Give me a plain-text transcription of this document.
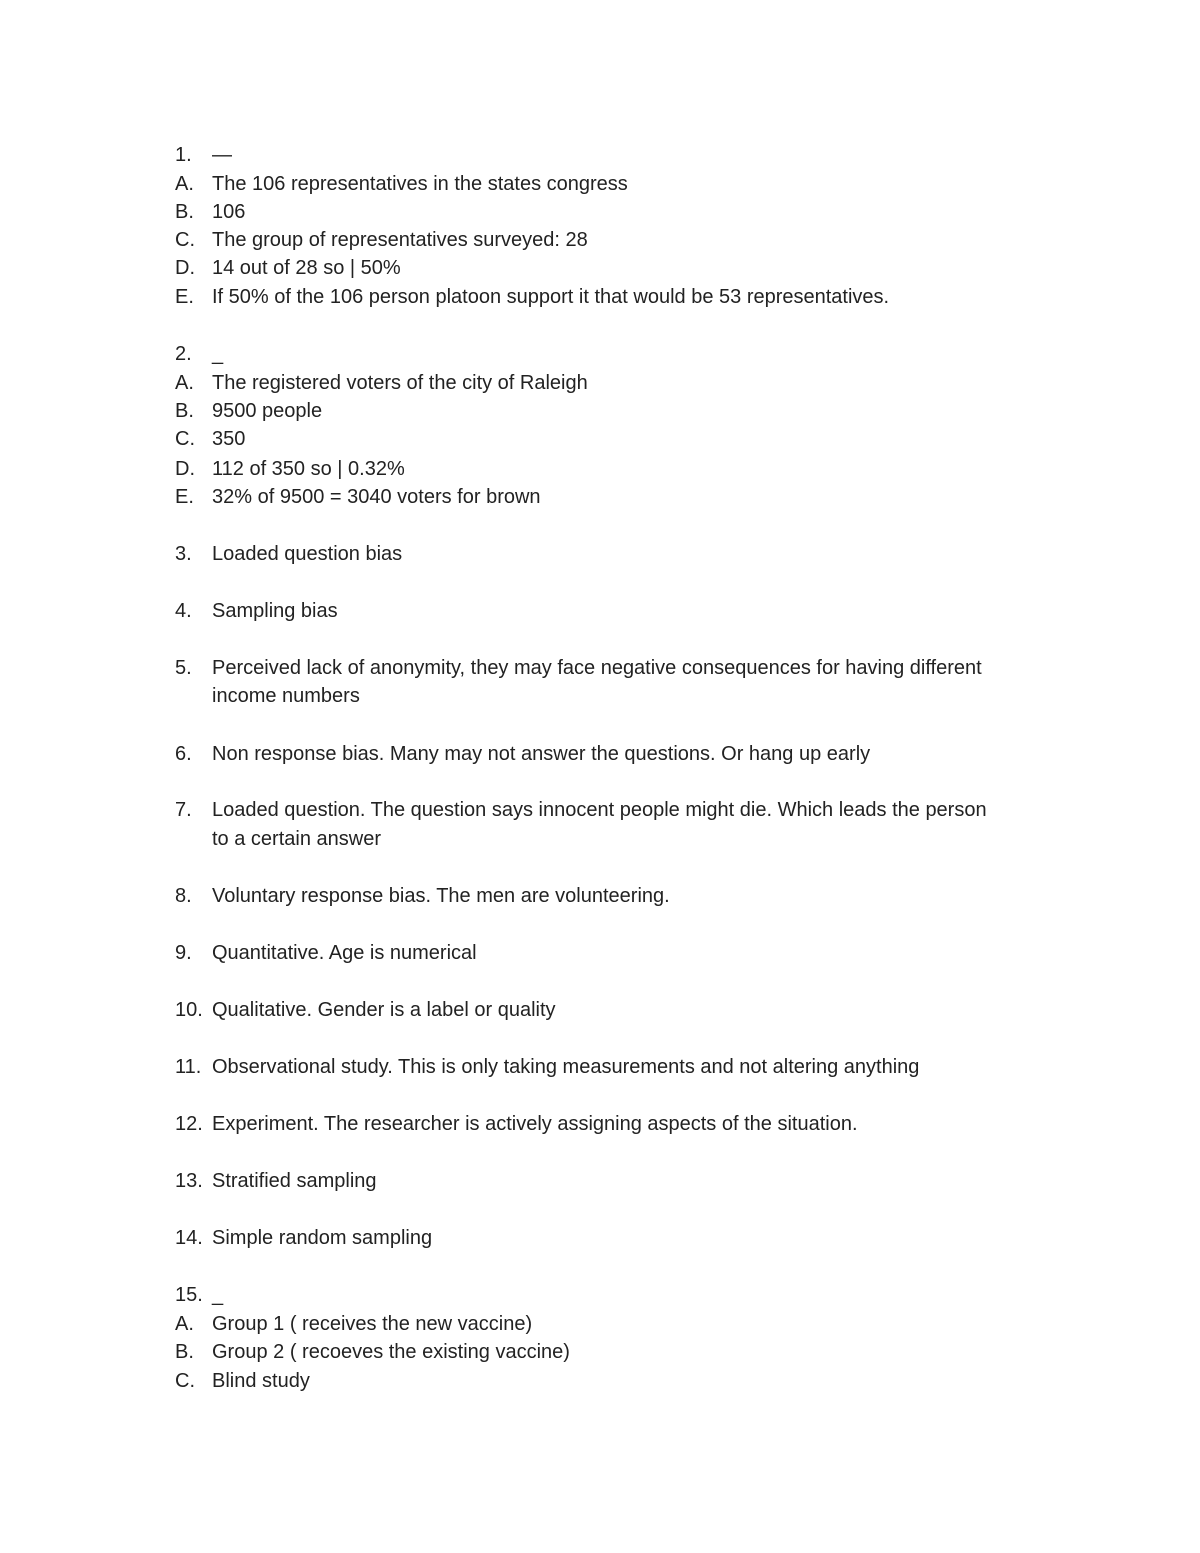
1. —
A. The 106 representatives in the states congress
B. 106
C. The group of representatives surveyed: 28
D. 14 out of 28 so | 50%
E. If 50% of the 106 person platoon support it that would be 53 representatives.
2. _
A. The registered voters of the city of Raleigh
B. 9500 people
C. 350
D. 112 of 350 so | 0.32%
E. 32% of 9500 = 3040 voters for brown
3. Loaded question bias
4. Sampling bias
5. Perceived lack of anonymity, they may face negative consequences for having different
income numbers
6. Non response bias. Many may not answer the questions. Or hang up early
7. Loaded question. The question says innocent people might die. Which leads the person
to a certain answer
8. Voluntary response bias. The men are volunteering.
9. Quantitative. Age is numerical
10. Qualitative. Gender is a label or quality
11. Observational study. This is only taking measurements and not altering anything
12. Experiment. The researcher is actively assigning aspects of the situation.
13. Stratified sampling
14. Simple random sampling
15. _
A. Group 1 ( receives the new vaccine)
B. Group 2 ( recoeves the existing vaccine)
C. Blind study
